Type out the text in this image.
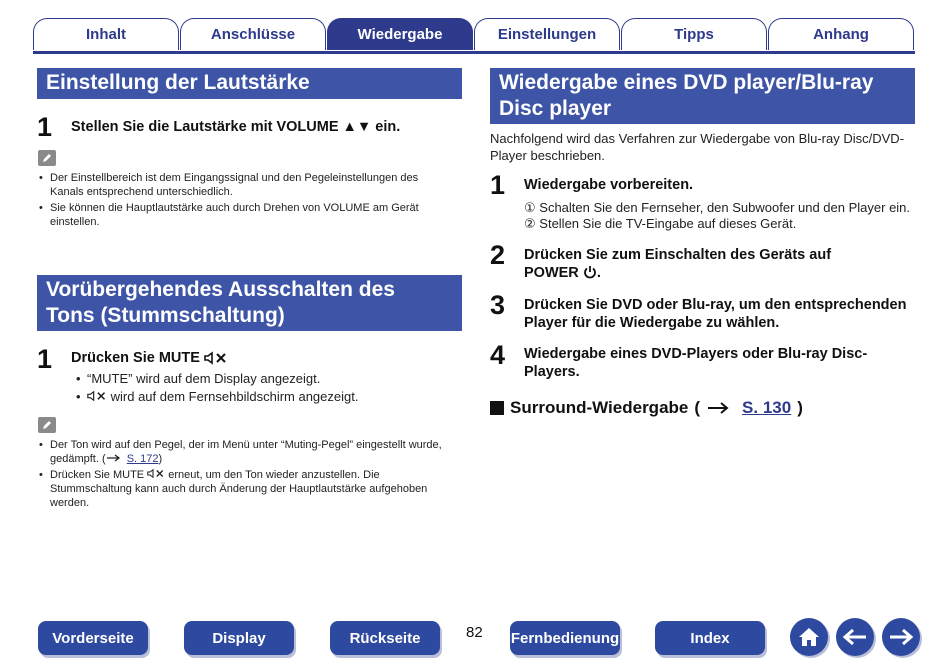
Inhalt	Anschlüsse	Wiedergabe	Einstellungen	Tipps	Anhang
Einstellung der Lautstärke
1 Stellen Sie die Lautstärke mit VOLUME ▲▼ ein.
• Der Einstellbereich ist dem Eingangssignal und den Pegeleinstellungen des Kanals entsprechend unterschiedlich.
• Sie können die Hauptlautstärke auch durch Drehen von VOLUME am Gerät einstellen.
Vorübergehendes Ausschalten des
Tons (Stummschaltung)
1 Drücken Sie MUTE
• “MUTE” wird auf dem Display angezeigt.
• wird auf dem Fernsehbildschirm angezeigt.
• Der Ton wird auf den Pegel, der im Menü unter “Muting-Pegel” eingestellt wurde, gedämpft. ( S. 172)
• Drücken Sie MUTE erneut, um den Ton wieder anzustellen. Die Stummschaltung kann auch durch Änderung der Hauptlautstärke aufgehoben werden.
Wiedergabe eines DVD player/Blu-ray
Disc player
Nachfolgend wird das Verfahren zur Wiedergabe von Blu-ray Disc/DVD-Player beschrieben.
1 Wiedergabe vorbereiten.
① Schalten Sie den Fernseher, den Subwoofer und den Player ein.
② Stellen Sie die TV-Eingabe auf dieses Gerät.
2 Drücken Sie zum Einschalten des Geräts auf
POWER .
3 Drücken Sie DVD oder Blu-ray, um den entsprechenden Player für die Wiedergabe zu wählen.
4 Wiedergabe eines DVD-Players oder Blu-ray Disc-Players.
Surround-Wiedergabe ( S. 130 )
Vorderseite	Display	Rückseite	82 Fernbedienung	Index
